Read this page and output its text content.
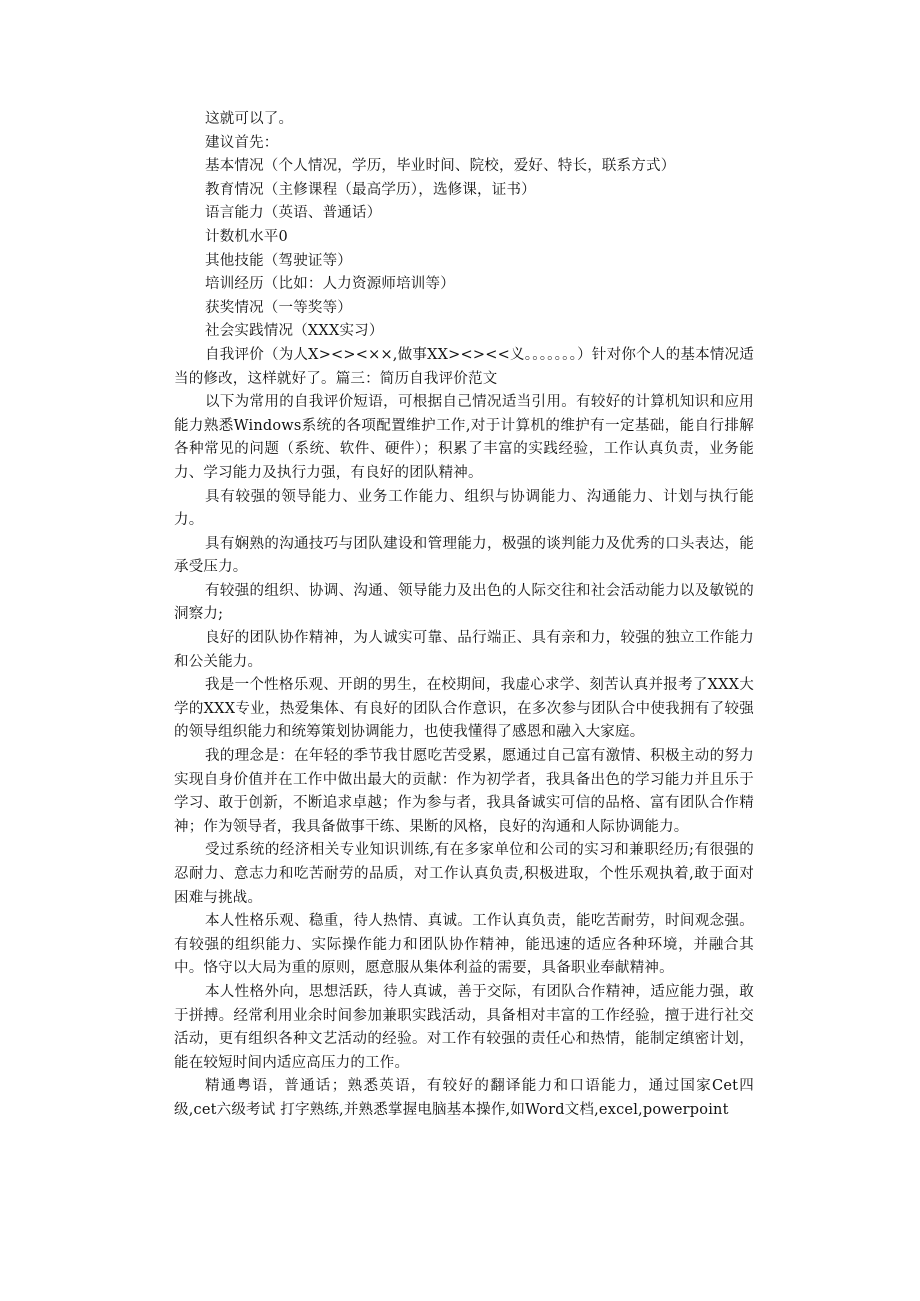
这就可以了。

建议首先：

基本情况（个人情况，学历，毕业时间、院校，爱好、特长，联系方式）

教育情况（主修课程（最高学历），选修课，证书）

语言能力（英语、普通话）

计数机水平0

其他技能（驾驶证等）

培训经历（比如：人力资源师培训等）

获奖情况（一等奖等）

社会实践情况（XXX实习）

自我评价（为人X><><××,做事XX><><<义。。。。。。。）针对你个人的基本情况适当的修改，这样就好了。篇三：简历自我评价范文

以下为常用的自我评价短语，可根据自己情况适当引用。有较好的计算机知识和应用能力熟悉Windows系统的各项配置维护工作,对于计算机的维护有一定基础，能自行排解各种常见的问题（系统、软件、硬件）；积累了丰富的实践经验，工作认真负责，业务能力、学习能力及执行力强，有良好的团队精神。

具有较强的领导能力、业务工作能力、组织与协调能力、沟通能力、计划与执行能力。

具有娴熟的沟通技巧与团队建设和管理能力，极强的谈判能力及优秀的口头表达，能承受压力。

有较强的组织、协调、沟通、领导能力及出色的人际交往和社会活动能力以及敏锐的洞察力;

良好的团队协作精神，为人诚实可靠、品行端正、具有亲和力，较强的独立工作能力和公关能力。

我是一个性格乐观、开朗的男生，在校期间，我虚心求学、刻苦认真并报考了XXX大学的XXX专业，热爱集体、有良好的团队合作意识，在多次参与团队合中使我拥有了较强的领导组织能力和统筹策划协调能力，也使我懂得了感恩和融入大家庭。

我的理念是：在年轻的季节我甘愿吃苦受累，愿通过自己富有激情、积极主动的努力实现自身价值并在工作中做出最大的贡献：作为初学者，我具备出色的学习能力并且乐于学习、敢于创新，不断追求卓越；作为参与者，我具备诚实可信的品格、富有团队合作精神；作为领导者，我具备做事干练、果断的风格，良好的沟通和人际协调能力。

受过系统的经济相关专业知识训练,有在多家单位和公司的实习和兼职经历;有很强的忍耐力、意志力和吃苦耐劳的品质，对工作认真负责,积极进取，个性乐观执着,敢于面对困难与挑战。

本人性格乐观、稳重，待人热情、真诚。工作认真负责，能吃苦耐劳，时间观念强。有较强的组织能力、实际操作能力和团队协作精神，能迅速的适应各种环境，并融合其中。恪守以大局为重的原则，愿意服从集体利益的需要，具备职业奉献精神。

本人性格外向，思想活跃，待人真诚，善于交际，有团队合作精神，适应能力强，敢于拼搏。经常利用业余时间参加兼职实践活动，具备相对丰富的工作经验，擅于进行社交活动，更有组织各种文艺活动的经验。对工作有较强的责任心和热情，能制定缜密计划，能在较短时间内适应高压力的工作。

精通粤语，普通话；熟悉英语，有较好的翻译能力和口语能力，通过国家Cet四级,cet六级考试 打字熟练,并熟悉掌握电脑基本操作,如Word文档,excel,powerpoint
